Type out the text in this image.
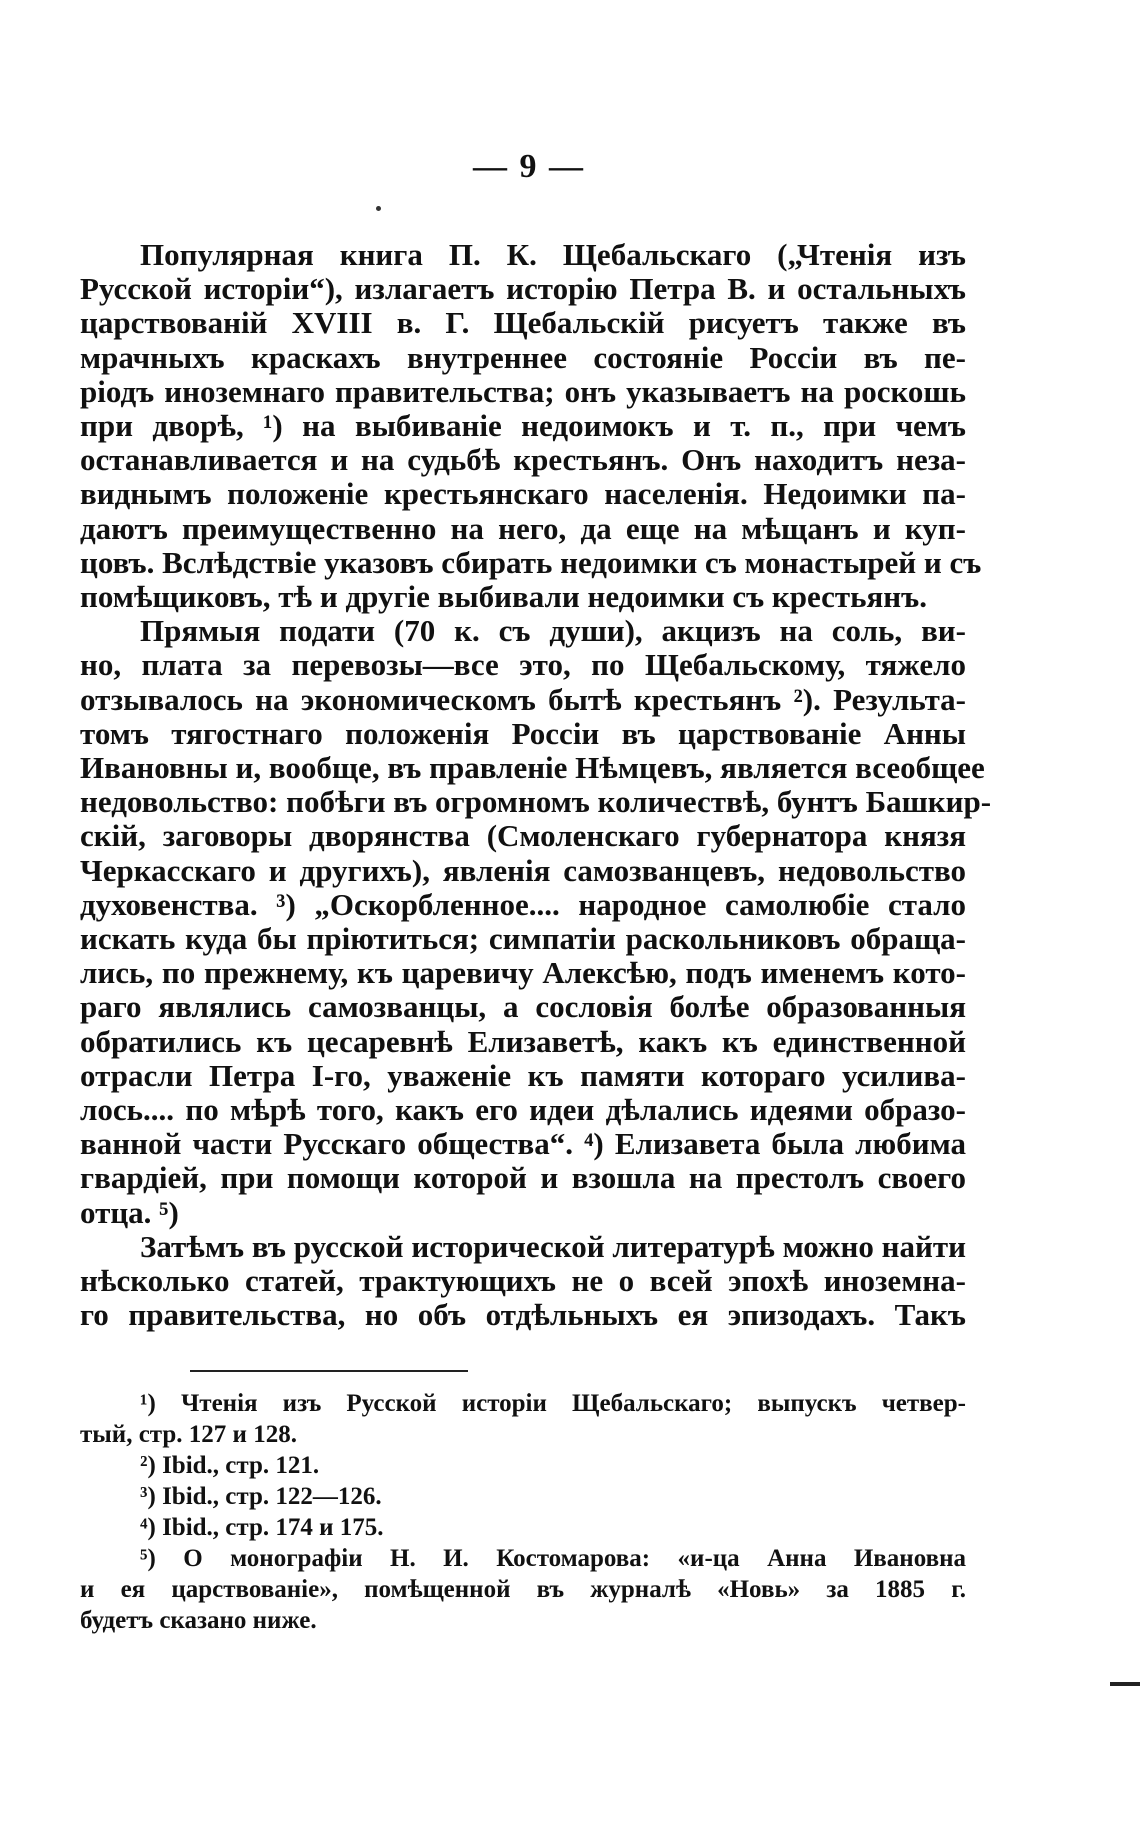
— 9 —
Популярная книга П. К. Щебальскаго („Чтенія изъ
Русской исторіи“), излагаетъ исторію Петра В. и остальныхъ
царствованій XVIII в. Г. Щебальскій рисуетъ также въ
мрачныхъ краскахъ внутреннее состояніе Россіи въ пе-
ріодъ иноземнаго правительства; онъ указываетъ на роскошь
при дворѣ, ¹) на выбиваніе недоимокъ и т. п., при чемъ
останавливается и на судьбѣ крестьянъ. Онъ находитъ неза-
виднымъ положеніе крестьянскаго населенія. Недоимки па-
даютъ преимущественно на него, да еще на мѣщанъ и куп-
цовъ. Вслѣдствіе указовъ сбирать недоимки съ монастырей и съ
помѣщиковъ, тѣ и другіе выбивали недоимки съ крестьянъ.
Прямыя подати (70 к. съ души), акцизъ на соль, ви-
но, плата за перевозы—все это, по Щебальскому, тяжело
отзывалось на экономическомъ бытѣ крестьянъ ²). Результа-
томъ тягостнаго положенія Россіи въ царствованіе Анны
Ивановны и, вообще, въ правленіе Нѣмцевъ, является всеобщее
недовольство: побѣги въ огромномъ количествѣ, бунтъ Башкир-
скій, заговоры дворянства (Смоленскаго губернатора князя
Черкасскаго и другихъ), явленія самозванцевъ, недовольство
духовенства. ³) „Оскорбленное.... народное самолюбіе стало
искать куда бы пріютиться; симпатіи раскольниковъ обраща-
лись, по прежнему, къ царевичу Алексѣю, подъ именемъ кото-
раго являлись самозванцы, а сословія болѣе образованныя
обратились къ цесаревнѣ Елизаветѣ, какъ къ единственной
отрасли Петра I-го, уваженіе къ памяти котораго усилива-
лось.... по мѣрѣ того, какъ его идеи дѣлались идеями образо-
ванной части Русскаго общества“. ⁴) Елизавета была любима
гвардіей, при помощи которой и взошла на престолъ своего
отца. ⁵)
Затѣмъ въ русской исторической литературѣ можно найти
нѣсколько статей, трактующихъ не о всей эпохѣ иноземна-
го правительства, но объ отдѣльныхъ ея эпизодахъ. Такъ
¹) Чтенія изъ Русской исторіи Щебальскаго; выпускъ четвер-
тый, стр. 127 и 128.
²) Ibid., стр. 121.
³) Ibid., стр. 122—126.
⁴) Ibid., стр. 174 и 175.
⁵) О монографіи Н. И. Костомарова: «и-ца Анна Ивановна
и ея царствованіе», помѣщенной въ журналѣ «Новь» за 1885 г.
будетъ сказано ниже.
